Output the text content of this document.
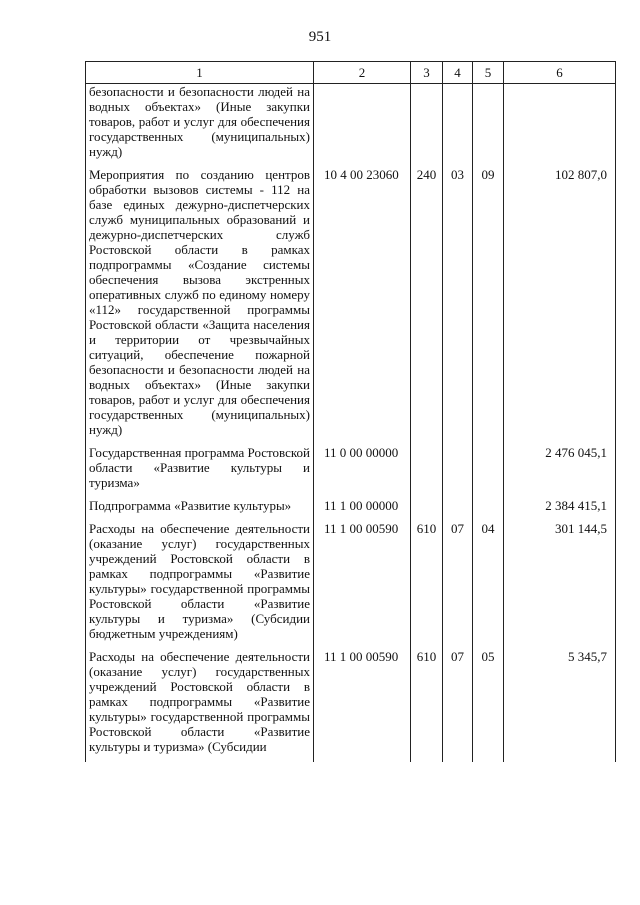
951
1	2	3	4	5	6
безопасности и безопасности людей на водных объектах» (Иные закупки товаров, работ и услуг для обеспечения государственных (муниципальных) нужд)					
Мероприятия по созданию центров обработки вызовов системы - 112 на базе единых дежурно-диспетчерских служб муниципальных образований и дежурно-диспетчерских служб Ростовской области в рамках подпрограммы «Создание системы обеспечения вызова экстренных оперативных служб по единому номеру «112» государственной программы Ростовской области «Защита населения и территории от чрезвычайных ситуаций, обеспечение пожарной безопасности и безопасности людей на водных объектах» (Иные закупки товаров, работ и услуг для обеспечения государственных (муниципальных) нужд)	10 4 00 23060	240	03	09	102 807,0
Государственная программа Ростовской области «Развитие культуры и туризма»	11 0 00 00000				2 476 045,1
Подпрограмма «Развитие культуры»	11 1 00 00000				2 384 415,1
Расходы на обеспечение деятельности (оказание услуг) государственных учреждений Ростовской области в рамках подпрограммы «Развитие культуры» государственной программы Ростовской области «Развитие культуры и туризма» (Субсидии бюджетным учреждениям)	11 1 00 00590	610	07	04	301 144,5
Расходы на обеспечение деятельности (оказание услуг) государственных учреждений Ростовской области в рамках подпрограммы «Развитие культуры» государственной программы Ростовской области «Развитие культуры и туризма» (Субсидии	11 1 00 00590	610	07	05	5 345,7
